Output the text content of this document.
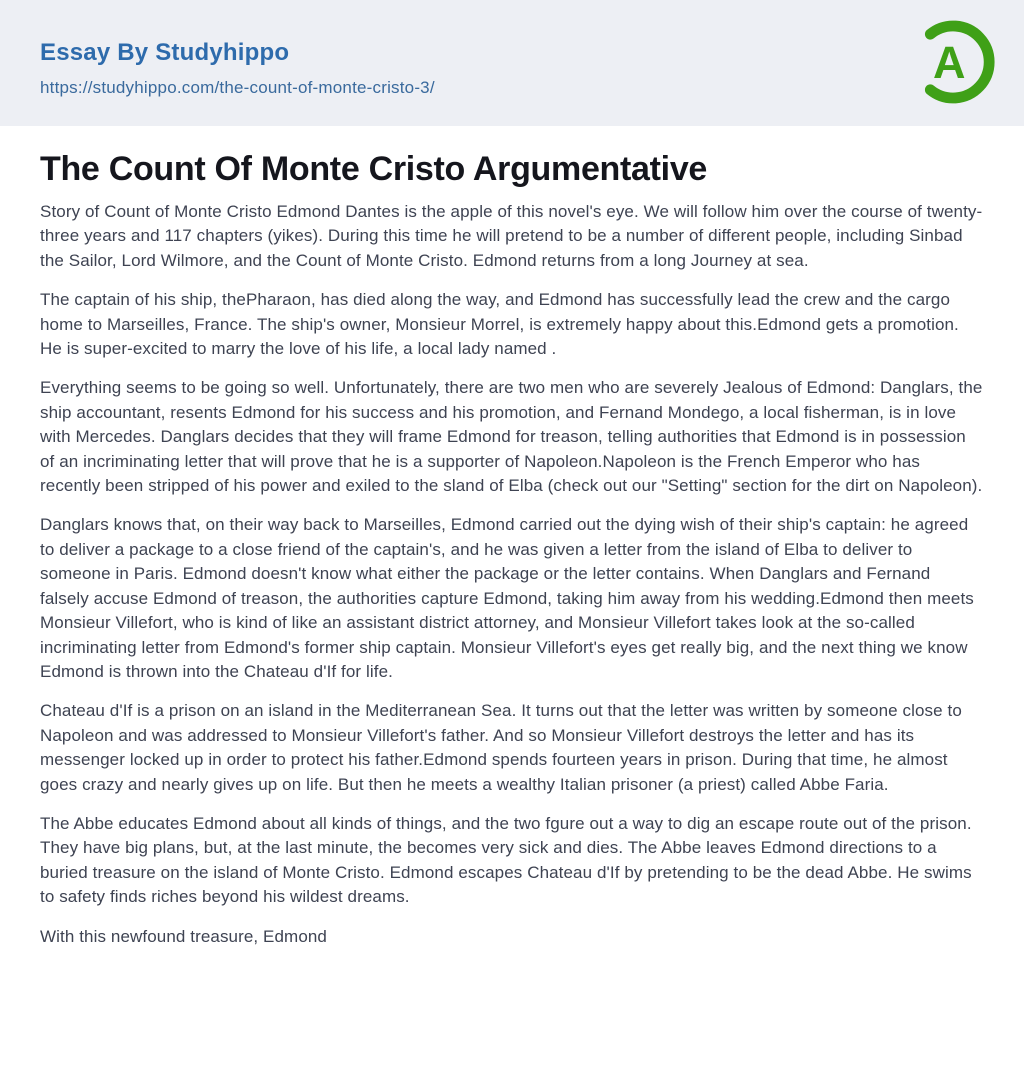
Essay By Studyhippo
https://studyhippo.com/the-count-of-monte-cristo-3/	A
The Count Of Monte Cristo Argumentative

Story of Count of Monte Cristo Edmond Dantes is the apple of this novel's eye. We will follow him over the course of twenty-three years and 117 chapters (yikes). During this time he will pretend to be a number of different people, including Sinbad the Sailor, Lord Wilmore, and the Count of Monte Cristo. Edmond returns from a long Journey at sea.

The captain of his ship, thePharaon, has died along the way, and Edmond has successfully lead the crew and the cargo home to Marseilles, France. The ship's owner, Monsieur Morrel, is extremely happy about this.Edmond gets a promotion. He is super-excited to marry the love of his life, a local lady named .

Everything seems to be going so well. Unfortunately, there are two men who are severely Jealous of Edmond: Danglars, the ship accountant, resents Edmond for his success and his promotion, and Fernand Mondego, a local fisherman, is in love with Mercedes. Danglars decides that they will frame Edmond for treason, telling authorities that Edmond is in possession of an incriminating letter that will prove that he is a supporter of Napoleon.Napoleon is the French Emperor who has recently been stripped of his power and exiled to the sland of Elba (check out our "Setting" section for the dirt on Napoleon).

Danglars knows that, on their way back to Marseilles, Edmond carried out the dying wish of their ship's captain: he agreed to deliver a package to a close friend of the captain's, and he was given a letter from the island of Elba to deliver to someone in Paris. Edmond doesn't know what either the package or the letter contains. When Danglars and Fernand falsely accuse Edmond of treason, the authorities capture Edmond, taking him away from his wedding.Edmond then meets Monsieur Villefort, who is kind of like an assistant district attorney, and Monsieur Villefort takes look at the so-called incriminating letter from Edmond's former ship captain. Monsieur Villefort's eyes get really big, and the next thing we know Edmond is thrown into the Chateau d'If for life.

Chateau d'If is a prison on an island in the Mediterranean Sea. It turns out that the letter was written by someone close to Napoleon and was addressed to Monsieur Villefort's father. And so Monsieur Villefort destroys the letter and has its messenger locked up in order to protect his father.Edmond spends fourteen years in prison. During that time, he almost goes crazy and nearly gives up on life. But then he meets a wealthy Italian prisoner (a priest) called Abbe Faria.

The Abbe educates Edmond about all kinds of things, and the two fgure out a way to dig an escape route out of the prison. They have big plans, but, at the last minute, the becomes very sick and dies. The Abbe leaves Edmond directions to a buried treasure on the island of Monte Cristo. Edmond escapes Chateau d'If by pretending to be the dead Abbe. He swims to safety finds riches beyond his wildest dreams.

With this newfound treasure, Edmond
